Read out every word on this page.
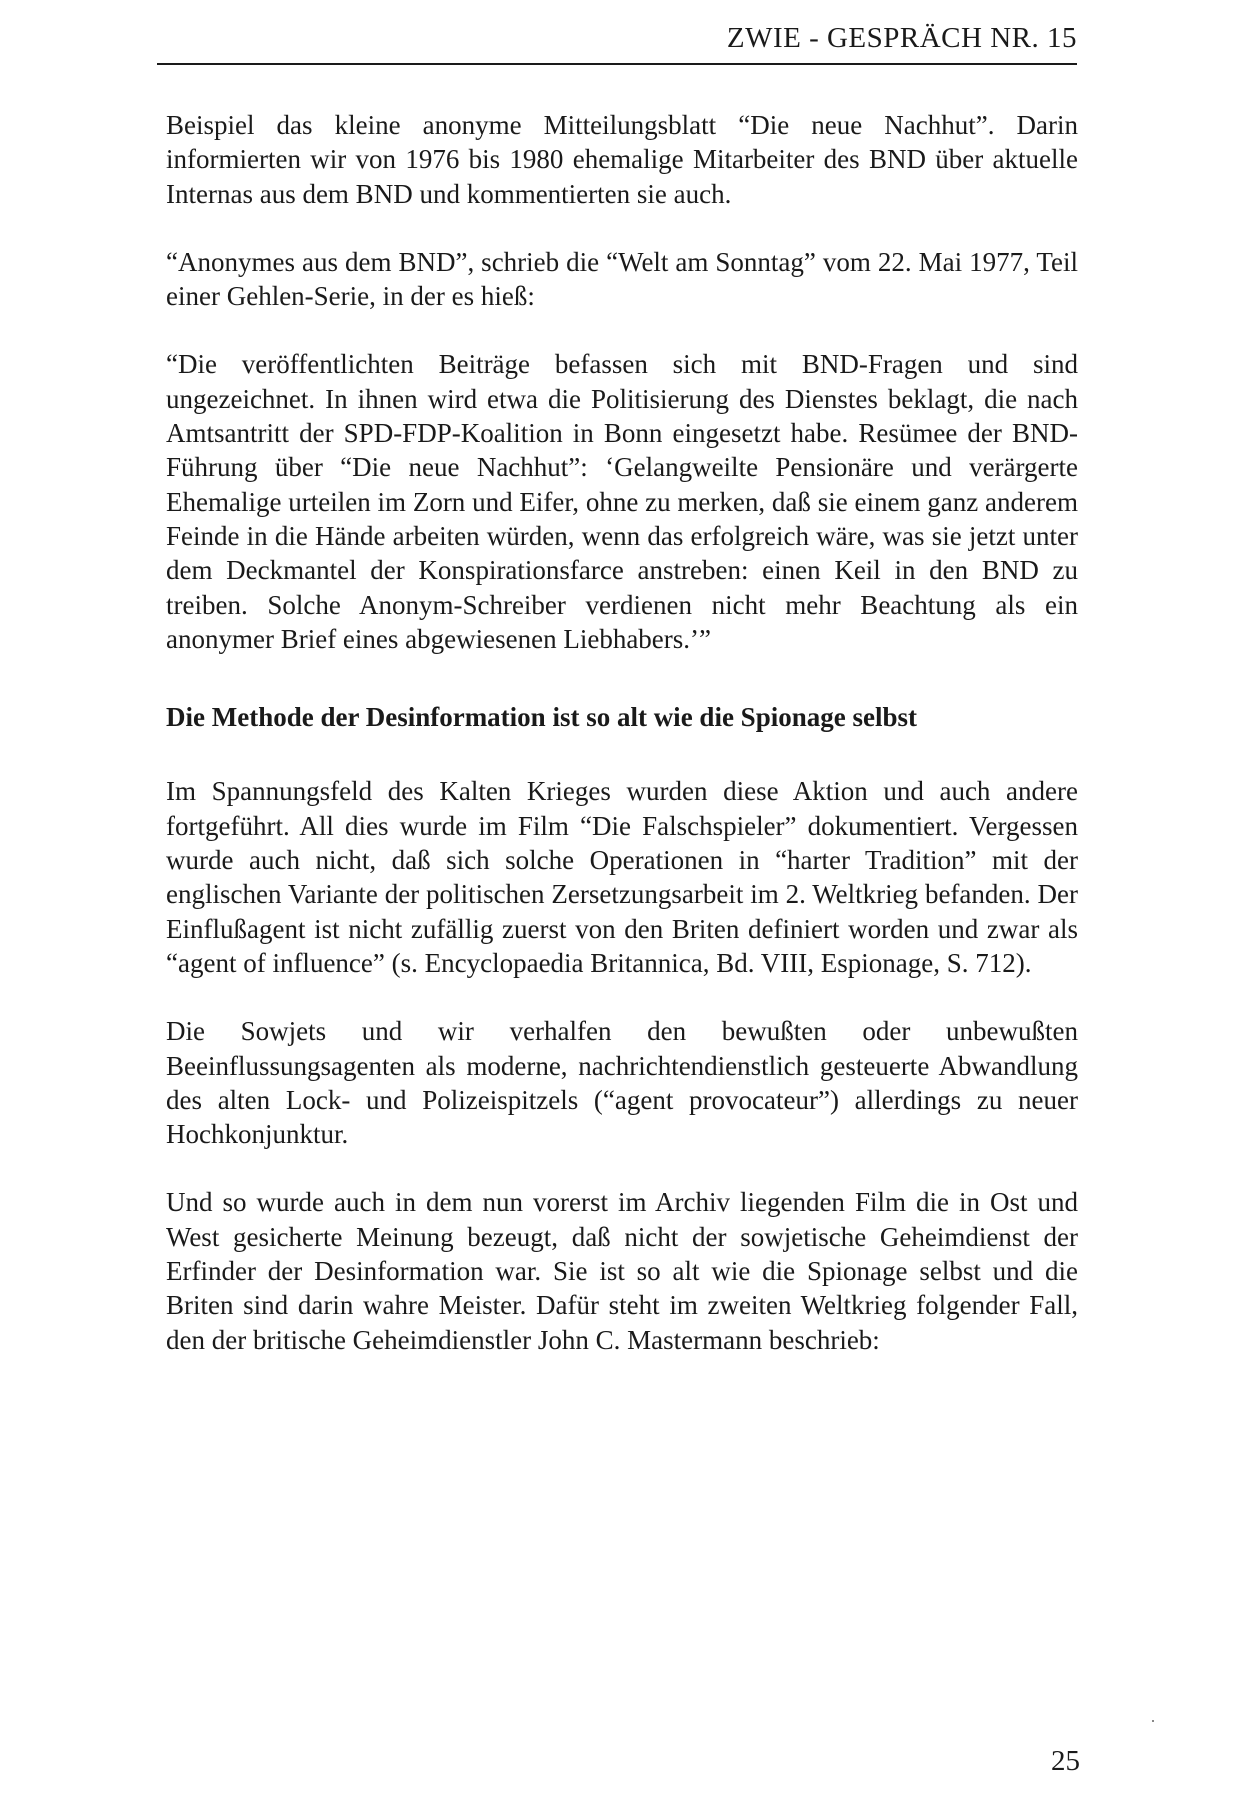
ZWIE - GESPRÄCH NR. 15

Beispiel das kleine anonyme Mitteilungsblatt “Die neue Nachhut”. Darin informierten wir von 1976 bis 1980 ehemalige Mitarbeiter des BND über aktuelle Internas aus dem BND und kommentierten sie auch.

“Anonymes aus dem BND”, schrieb die “Welt am Sonntag” vom 22. Mai 1977, Teil einer Gehlen-Serie, in der es hieß:

“Die veröffentlichten Beiträge befassen sich mit BND-Fragen und sind ungezeichnet. In ihnen wird etwa die Politisierung des Dienstes beklagt, die nach Amtsantritt der SPD-FDP-Koalition in Bonn eingesetzt habe. Resümee der BND-Führung über “Die neue Nachhut”: ‘Gelangweilte Pensionäre und verärgerte Ehemalige urteilen im Zorn und Eifer, ohne zu merken, daß sie einem ganz anderem Feinde in die Hände arbeiten würden, wenn das erfolgreich wäre, was sie jetzt unter dem Deckmantel der Konspirationsfarce anstreben: einen Keil in den BND zu treiben. Solche Anonym-Schreiber verdienen nicht mehr Beachtung als ein anonymer Brief eines abgewiesenen Liebhabers.’”

Die Methode der Desinformation ist so alt wie die Spionage selbst

Im Spannungsfeld des Kalten Krieges wurden diese Aktion und auch andere fortgeführt. All dies wurde im Film “Die Falschspieler” dokumentiert. Vergessen wurde auch nicht, daß sich solche Operationen in “harter Tradition” mit der englischen Variante der politischen Zersetzungsarbeit im 2. Weltkrieg befanden. Der Einflußagent ist nicht zufällig zuerst von den Briten definiert worden und zwar als “agent of influence” (s. Encyclopaedia Britannica, Bd. VIII, Espionage, S. 712).

Die Sowjets und wir verhalfen den bewußten oder unbewußten Beeinflussungsagenten als moderne, nachrichtendienstlich gesteuerte Abwandlung des alten Lock- und Polizeispitzels (“agent provocateur”) allerdings zu neuer Hochkonjunktur.

Und so wurde auch in dem nun vorerst im Archiv liegenden Film die in Ost und West gesicherte Meinung bezeugt, daß nicht der sowjetische Geheimdienst der Erfinder der Desinformation war. Sie ist so alt wie die Spionage selbst und die Briten sind darin wahre Meister. Dafür steht im zweiten Weltkrieg folgender Fall, den der britische Geheimdienstler John C. Mastermann beschrieb:

25
